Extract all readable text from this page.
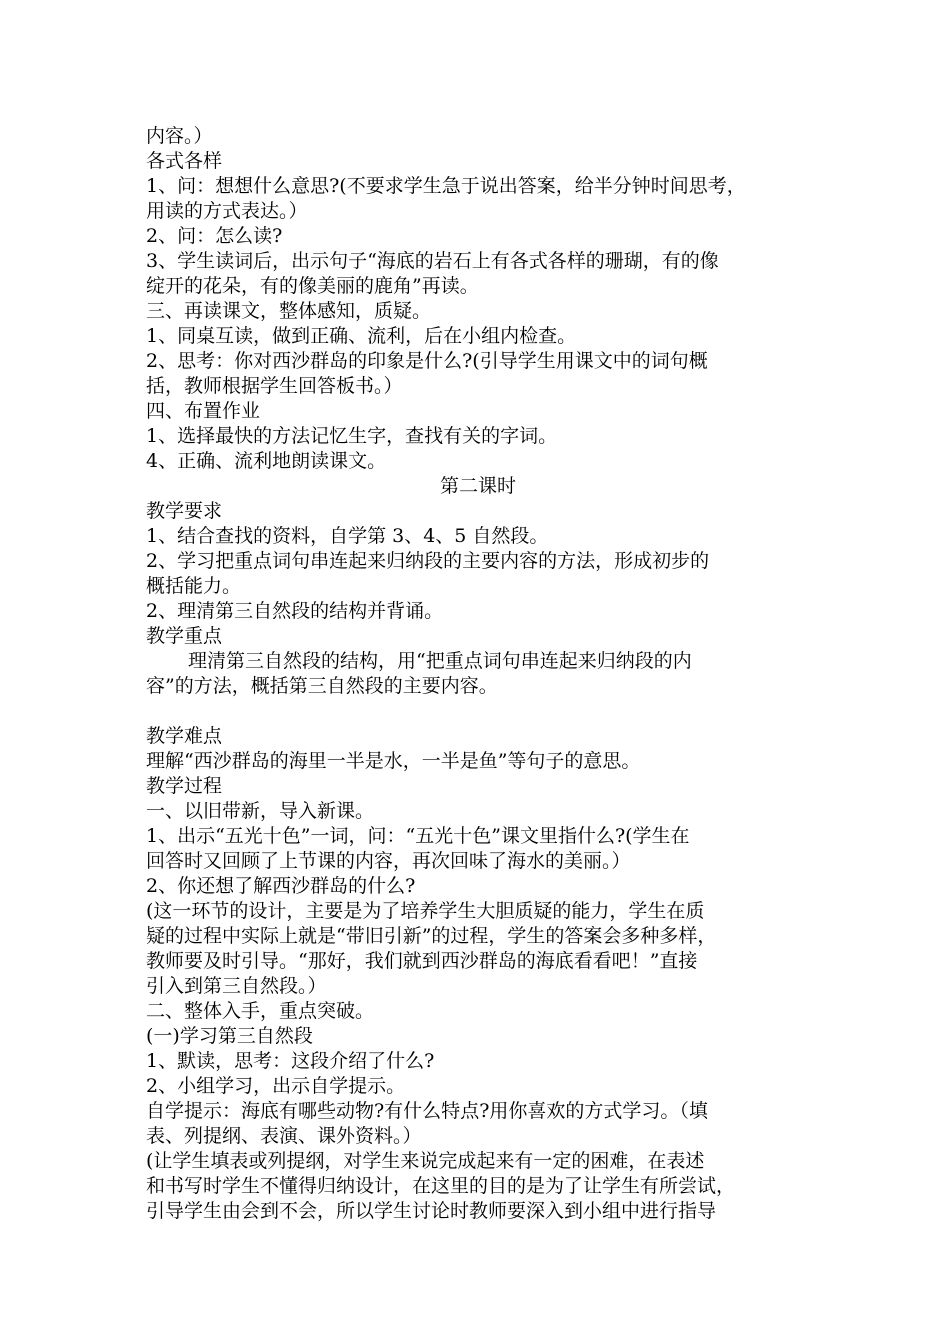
内容。）
各式各样
1、问：想想什么意思?(不要求学生急于说出答案，给半分钟时间思考，
用读的方式表达。）
2、问：怎么读?
3、学生读词后，出示句子“海底的岩石上有各式各样的珊瑚，有的像
绽开的花朵，有的像美丽的鹿角”再读。
三、再读课文，整体感知，质疑。
1、同桌互读，做到正确、流利，后在小组内检查。
2、思考：你对西沙群岛的印象是什么?(引导学生用课文中的词句概
括，教师根据学生回答板书。）
四、布置作业
1、选择最快的方法记忆生字，查找有关的字词。
4、正确、流利地朗读课文。
第二课时
教学要求
1、结合查找的资料，自学第 3、4、5 自然段。
2、学习把重点词句串连起来归纳段的主要内容的方法，形成初步的
概括能力。
2、理清第三自然段的结构并背诵。
教学重点
理清第三自然段的结构，用“把重点词句串连起来归纳段的内
容”的方法，概括第三自然段的主要内容。
教学难点
理解“西沙群岛的海里一半是水，一半是鱼”等句子的意思。
教学过程
一、以旧带新，导入新课。
1、出示“五光十色”一词，问：“五光十色”课文里指什么?(学生在
回答时又回顾了上节课的内容，再次回味了海水的美丽。）
2、你还想了解西沙群岛的什么?
(这一环节的设计，主要是为了培养学生大胆质疑的能力，学生在质
疑的过程中实际上就是“带旧引新”的过程，学生的答案会多种多样，
教师要及时引导。“那好，我们就到西沙群岛的海底看看吧！”直接
引入到第三自然段。）
二、整体入手，重点突破。
(一)学习第三自然段
1、默读，思考：这段介绍了什么?
2、小组学习，出示自学提示。
自学提示：海底有哪些动物?有什么特点?用你喜欢的方式学习。（填
表、列提纲、表演、课外资料。）
(让学生填表或列提纲，对学生来说完成起来有一定的困难，在表述
和书写时学生不懂得归纳设计，在这里的目的是为了让学生有所尝试，
引导学生由会到不会，所以学生讨论时教师要深入到小组中进行指导
